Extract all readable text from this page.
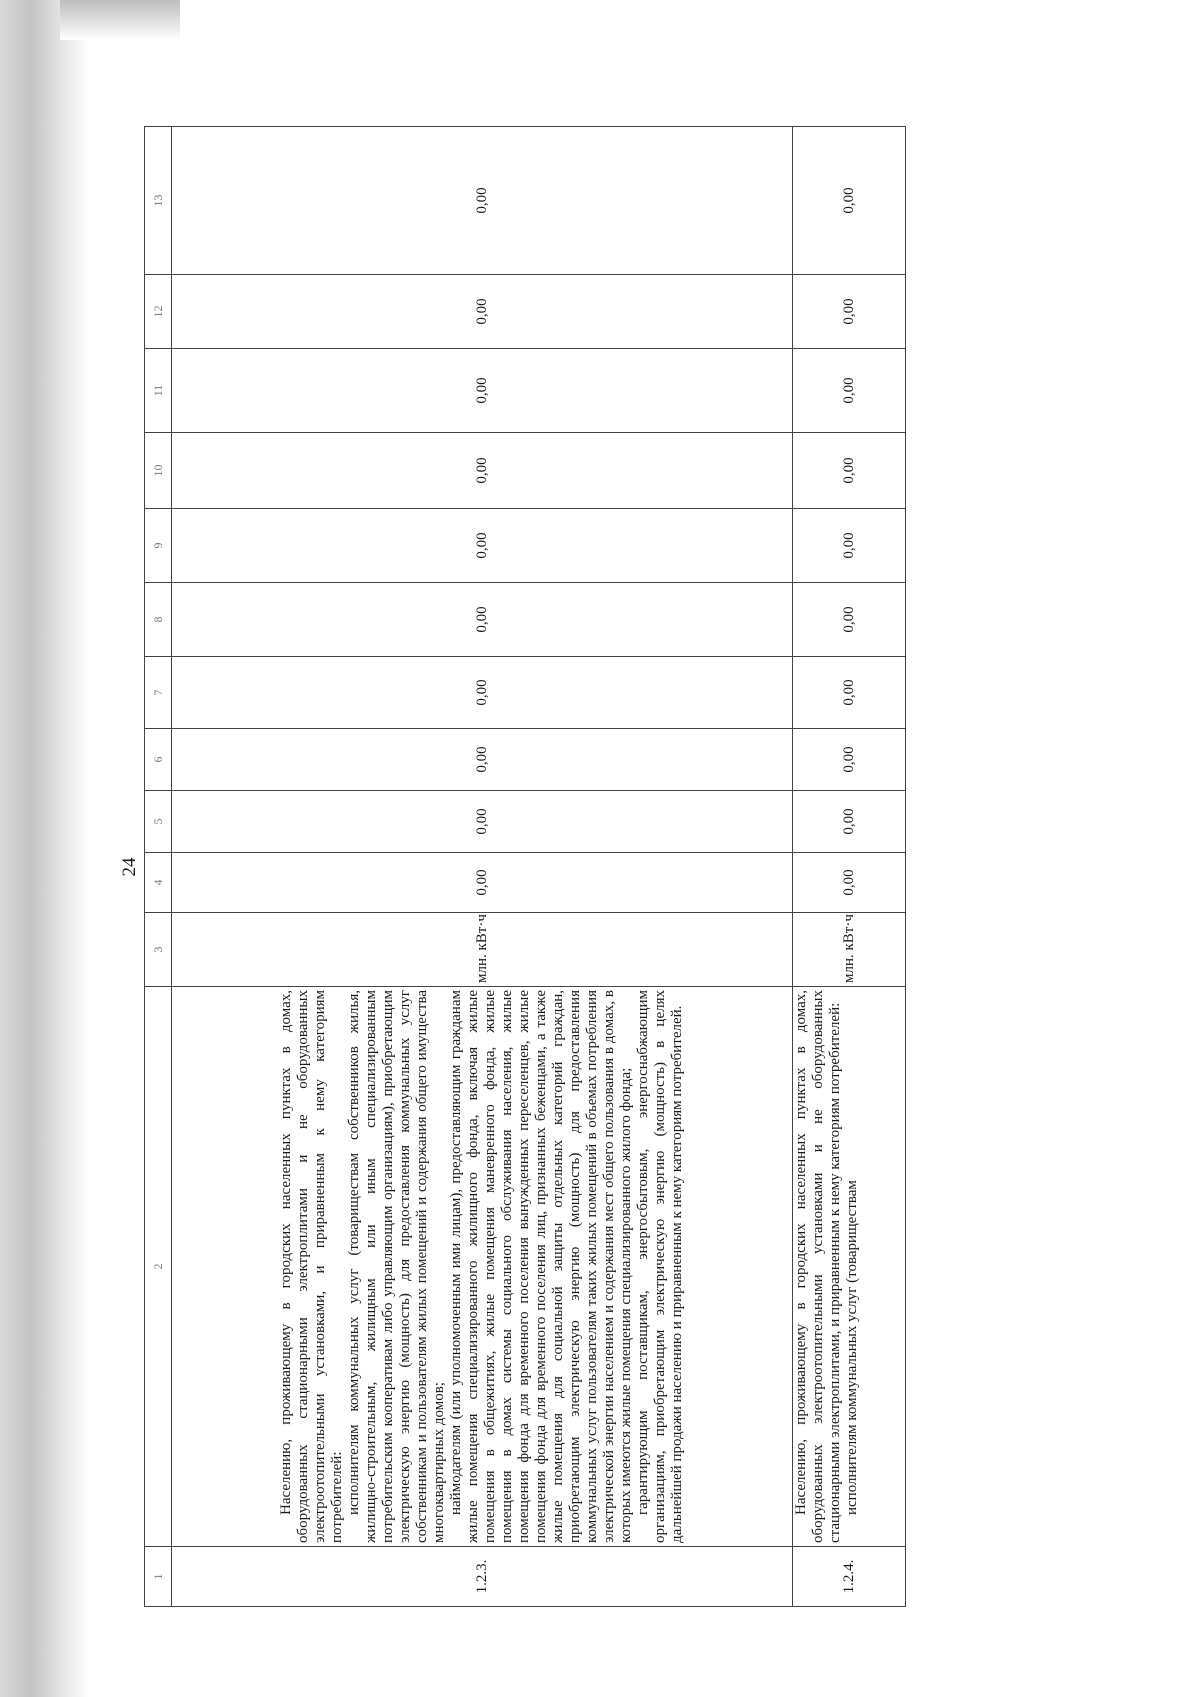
24
1	2	3	4	5	6	7	8	9	10	11	12	13
1.2.3.	Населению, проживающему в городских населенных пунктах в домах, оборудованных стационарными электроплитами и не оборудованных электроотопительными установками, и приравненным к нему категориям потребителей: исполнителям коммунальных услуг (товариществам собственников жилья, жилищно-строительным, жилищным или иным специализированным потребительским кооперативам либо управляющим организациям), приобретающим электрическую энергию (мощность) для предоставления коммунальных услуг собственникам и пользователям жилых помещений и содержания общего имущества многоквартирных домов; наймодателям (или уполномоченным ими лицам), предоставляющим гражданам жилые помещения специализированного жилищного фонда, включая жилые помещения в общежитиях, жилые помещения маневренного фонда, жилые помещения в домах системы социального обслуживания населения, жилые помещения фонда для временного поселения вынужденных переселенцев, жилые помещения фонда для временного поселения лиц, признанных беженцами, а также жилые помещения для социальной защиты отдельных категорий граждан, приобретающим электрическую энергию (мощность) для предоставления коммунальных услуг пользователям таких жилых помещений в объемах потребления электрической энергии населением и содержания мест общего пользования в домах, в которых имеются жилые помещения специализированного жилого фонда; гарантирующим поставщикам, энергосбытовым, энергоснабжающим организациям, приобретающим электрическую энергию (мощность) в целях дальнейшей продажи населению и приравненным к нему категориям потребителей.	млн. кВт·ч	0,00	0,00	0,00	0,00	0,00	0,00	0,00	0,00	0,00	0,00
1.2.4.	Населению, проживающему в городских населенных пунктах в домах, оборудованных электроотопительными установками и не оборудованных стационарными электроплитами, и приравненным к нему категориям потребителей: исполнителям коммунальных услуг (товариществам	млн. кВт·ч	0,00	0,00	0,00	0,00	0,00	0,00	0,00	0,00	0,00	0,00
